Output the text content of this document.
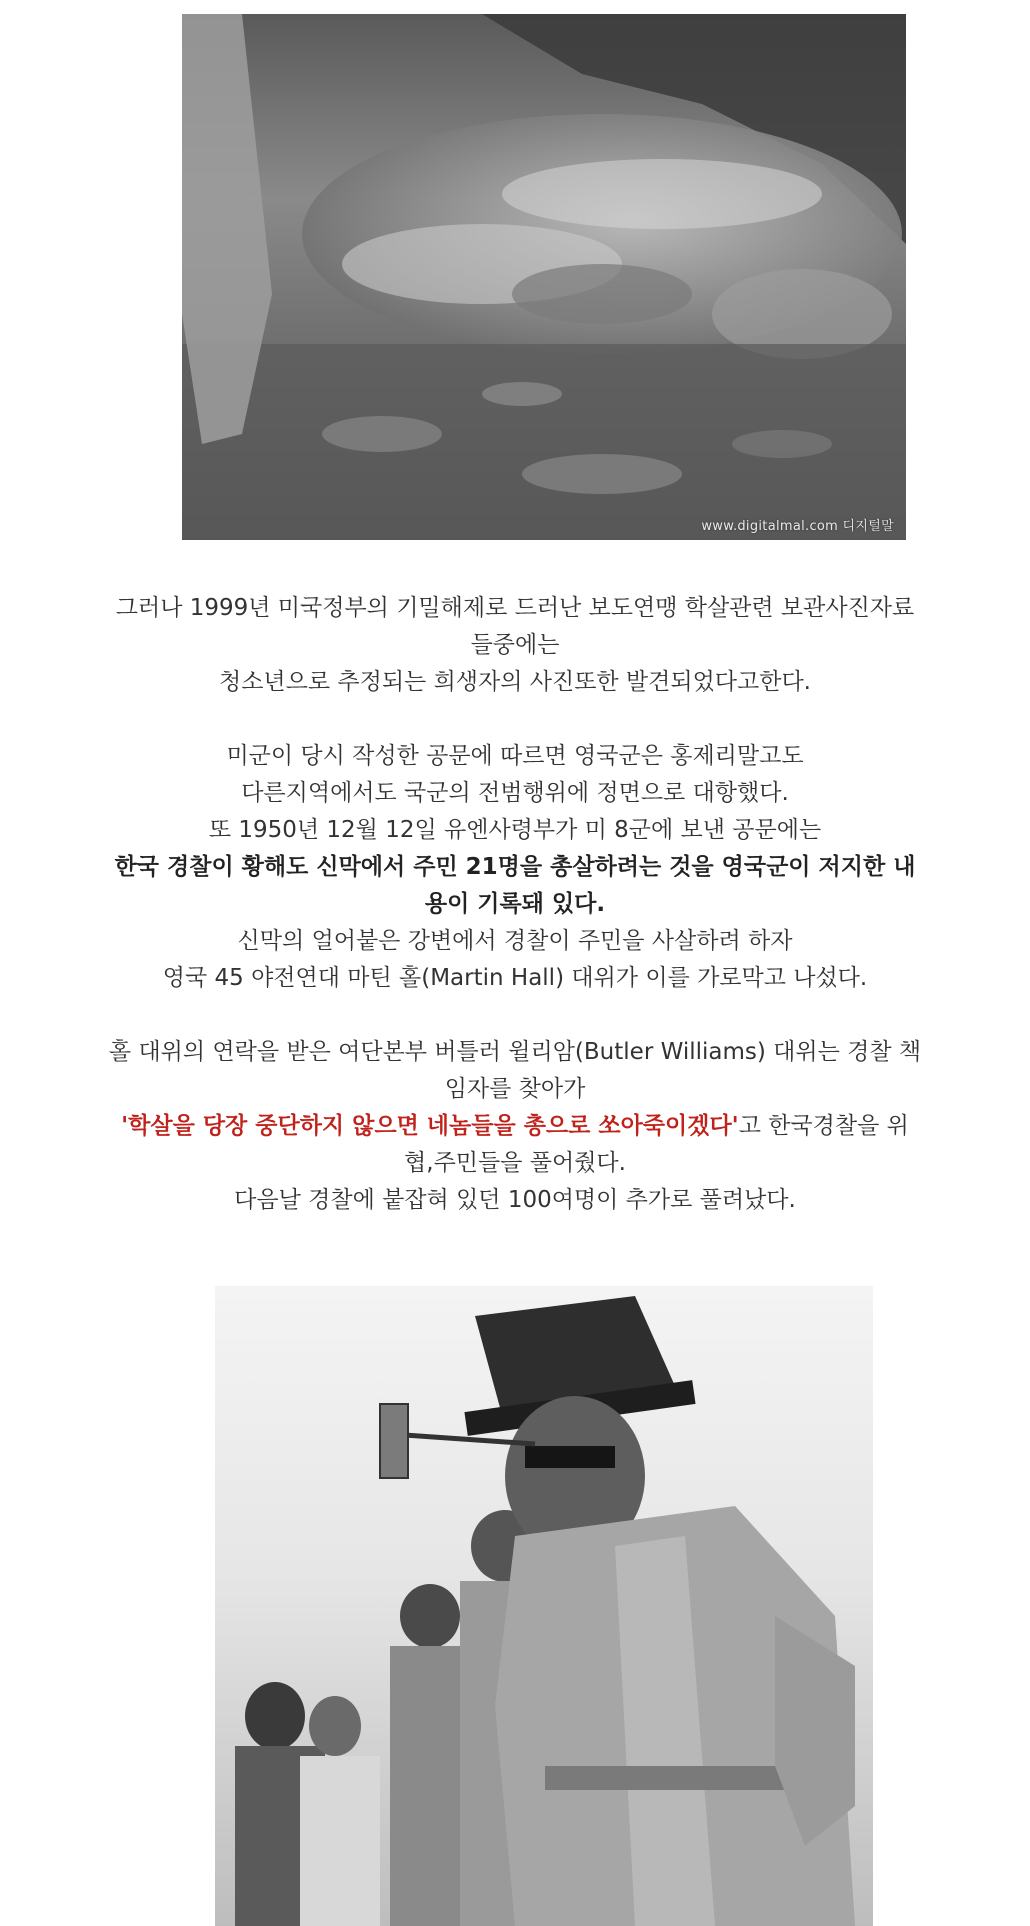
www.digitalmal.com 디지털말

그러나 1999년 미국정부의 기밀해제로 드러난 보도연맹 학살관련 보관사진자료

들중에는

청소년으로 추정되는 희생자의 사진또한 발견되었다고한다.

미군이 당시 작성한 공문에 따르면 영국군은 홍제리말고도

다른지역에서도 국군의 전범행위에 정면으로 대항했다.

또 1950년 12월 12일 유엔사령부가 미 8군에 보낸 공문에는

한국 경찰이 황해도 신막에서 주민 21명을 총살하려는 것을 영국군이 저지한 내

용이 기록돼 있다.

신막의 얼어붙은 강변에서 경찰이 주민을 사살하려 하자

영국 45 야전연대 마틴 홀(Martin Hall) 대위가 이를 가로막고 나섰다.

홀 대위의 연락을 받은 여단본부 버틀러 윌리암(Butler Williams) 대위는 경찰 책

임자를 찾아가

'학살을 당장 중단하지 않으면 네놈들을 총으로 쏘아죽이겠다'고 한국경찰을 위

협,주민들을 풀어줬다.

다음날 경찰에 붙잡혀 있던 100여명이 추가로 풀려났다.
